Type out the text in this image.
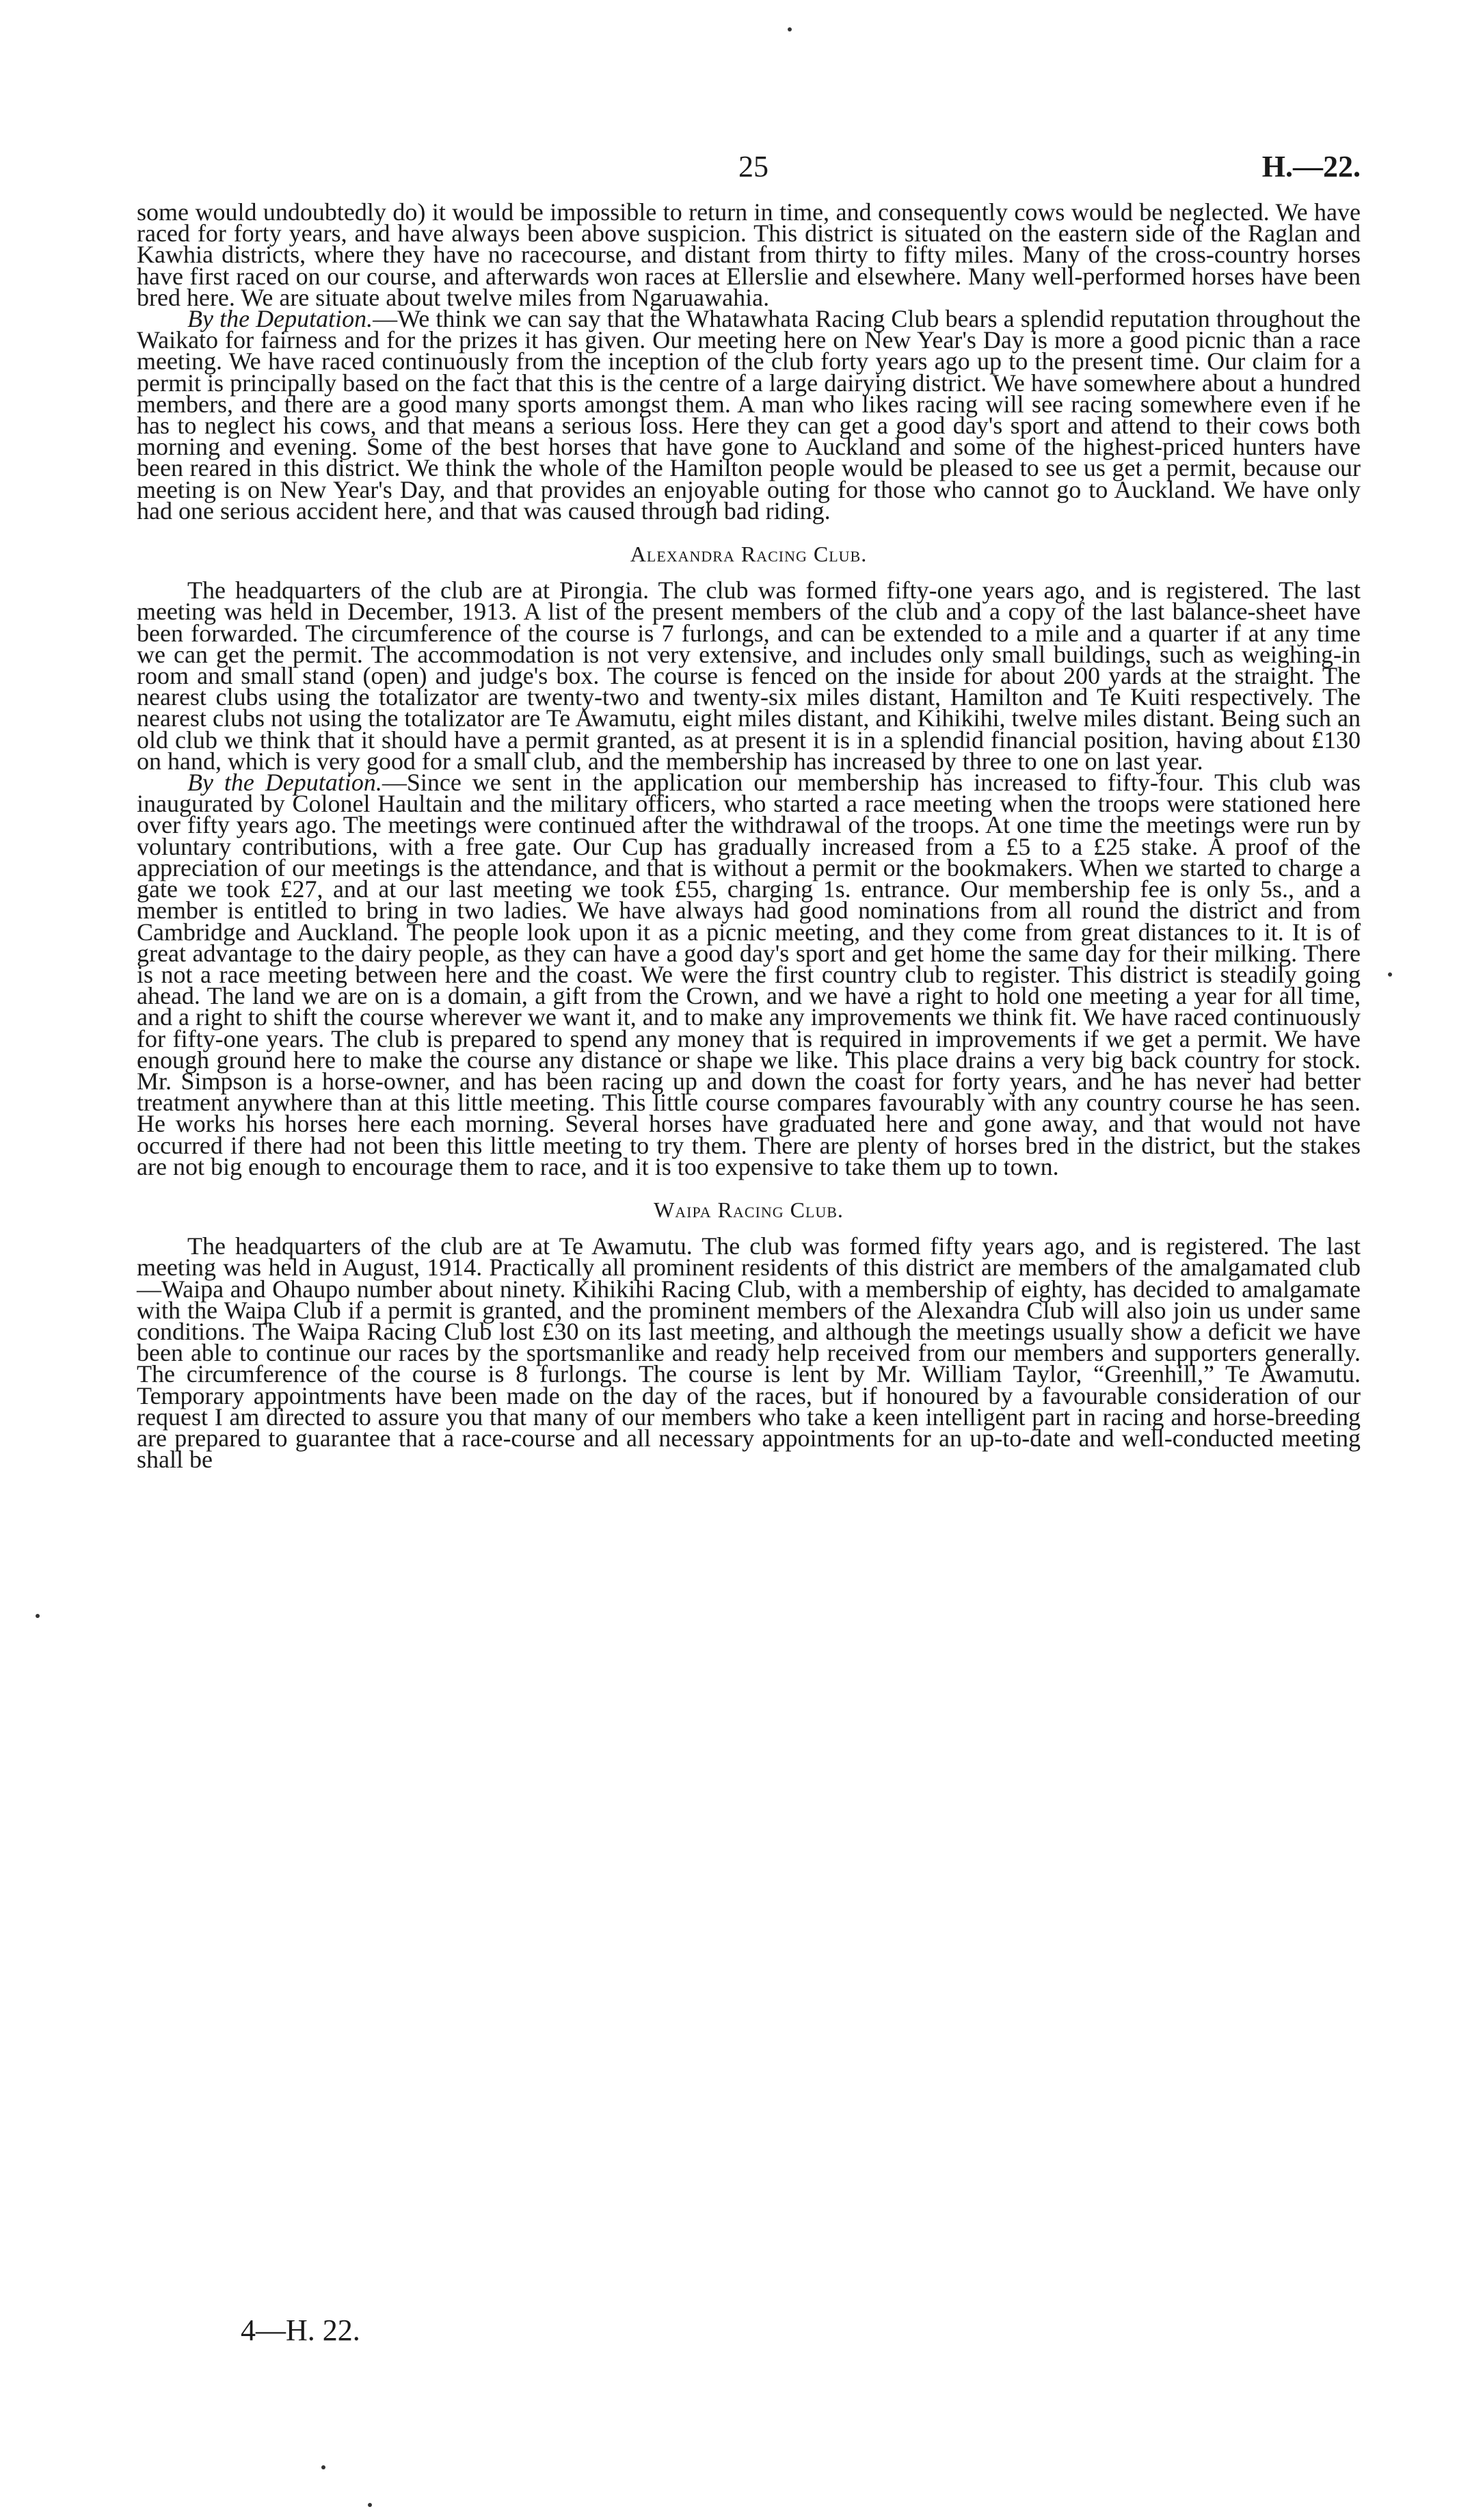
25	H.—22.

some would undoubtedly do) it would be impossible to return in time, and consequently cows would be neglected. We have raced for forty years, and have always been above suspicion. This district is situated on the eastern side of the Raglan and Kawhia districts, where they have no racecourse, and distant from thirty to fifty miles. Many of the cross-country horses have first raced on our course, and afterwards won races at Ellerslie and elsewhere. Many well-performed horses have been bred here. We are situate about twelve miles from Ngaruawahia.

By the Deputation.—We think we can say that the Whatawhata Racing Club bears a splendid reputation throughout the Waikato for fairness and for the prizes it has given. Our meeting here on New Year's Day is more a good picnic than a race meeting. We have raced continuously from the inception of the club forty years ago up to the present time. Our claim for a permit is principally based on the fact that this is the centre of a large dairying district. We have somewhere about a hundred members, and there are a good many sports amongst them. A man who likes racing will see racing somewhere even if he has to neglect his cows, and that means a serious loss. Here they can get a good day's sport and attend to their cows both morning and evening. Some of the best horses that have gone to Auckland and some of the highest-priced hunters have been reared in this district. We think the whole of the Hamilton people would be pleased to see us get a permit, because our meeting is on New Year's Day, and that provides an enjoyable outing for those who cannot go to Auckland. We have only had one serious accident here, and that was caused through bad riding.

Alexandra Racing Club.

The headquarters of the club are at Pirongia. The club was formed fifty-one years ago, and is registered. The last meeting was held in December, 1913. A list of the present members of the club and a copy of the last balance-sheet have been forwarded. The circumference of the course is 7 furlongs, and can be extended to a mile and a quarter if at any time we can get the permit. The accommodation is not very extensive, and includes only small buildings, such as weighing-in room and small stand (open) and judge's box. The course is fenced on the inside for about 200 yards at the straight. The nearest clubs using the totalizator are twenty-two and twenty-six miles distant, Hamilton and Te Kuiti respectively. The nearest clubs not using the totalizator are Te Awamutu, eight miles distant, and Kihikihi, twelve miles distant. Being such an old club we think that it should have a permit granted, as at present it is in a splendid financial position, having about £130 on hand, which is very good for a small club, and the membership has increased by three to one on last year.

By the Deputation.—Since we sent in the application our membership has increased to fifty-four. This club was inaugurated by Colonel Haultain and the military officers, who started a race meeting when the troops were stationed here over fifty years ago. The meetings were continued after the withdrawal of the troops. At one time the meetings were run by voluntary contributions, with a free gate. Our Cup has gradually increased from a £5 to a £25 stake. A proof of the appreciation of our meetings is the attendance, and that is without a permit or the bookmakers. When we started to charge a gate we took £27, and at our last meeting we took £55, charging 1s. entrance. Our membership fee is only 5s., and a member is entitled to bring in two ladies. We have always had good nominations from all round the district and from Cambridge and Auckland. The people look upon it as a picnic meeting, and they come from great distances to it. It is of great advantage to the dairy people, as they can have a good day's sport and get home the same day for their milking. There is not a race meeting between here and the coast. We were the first country club to register. This district is steadily going ahead. The land we are on is a domain, a gift from the Crown, and we have a right to hold one meeting a year for all time, and a right to shift the course wherever we want it, and to make any improvements we think fit. We have raced continuously for fifty-one years. The club is prepared to spend any money that is required in improvements if we get a permit. We have enough ground here to make the course any distance or shape we like. This place drains a very big back country for stock. Mr. Simpson is a horse-owner, and has been racing up and down the coast for forty years, and he has never had better treatment anywhere than at this little meeting. This little course compares favourably with any country course he has seen. He works his horses here each morning. Several horses have graduated here and gone away, and that would not have occurred if there had not been this little meeting to try them. There are plenty of horses bred in the district, but the stakes are not big enough to encourage them to race, and it is too expensive to take them up to town.

Waipa Racing Club.

The headquarters of the club are at Te Awamutu. The club was formed fifty years ago, and is registered. The last meeting was held in August, 1914. Practically all prominent residents of this district are members of the amalgamated club—Waipa and Ohaupo number about ninety. Kihikihi Racing Club, with a membership of eighty, has decided to amalgamate with the Waipa Club if a permit is granted, and the prominent members of the Alexandra Club will also join us under same conditions. The Waipa Racing Club lost £30 on its last meeting, and although the meetings usually show a deficit we have been able to continue our races by the sportsmanlike and ready help received from our members and supporters generally. The circumference of the course is 8 furlongs. The course is lent by Mr. William Taylor, “Greenhill,” Te Awamutu. Temporary appointments have been made on the day of the races, but if honoured by a favourable consideration of our request I am directed to assure you that many of our members who take a keen intelligent part in racing and horse-breeding are prepared to guarantee that a race-course and all necessary appointments for an up-to-date and well-conducted meeting shall be

4—H. 22.
